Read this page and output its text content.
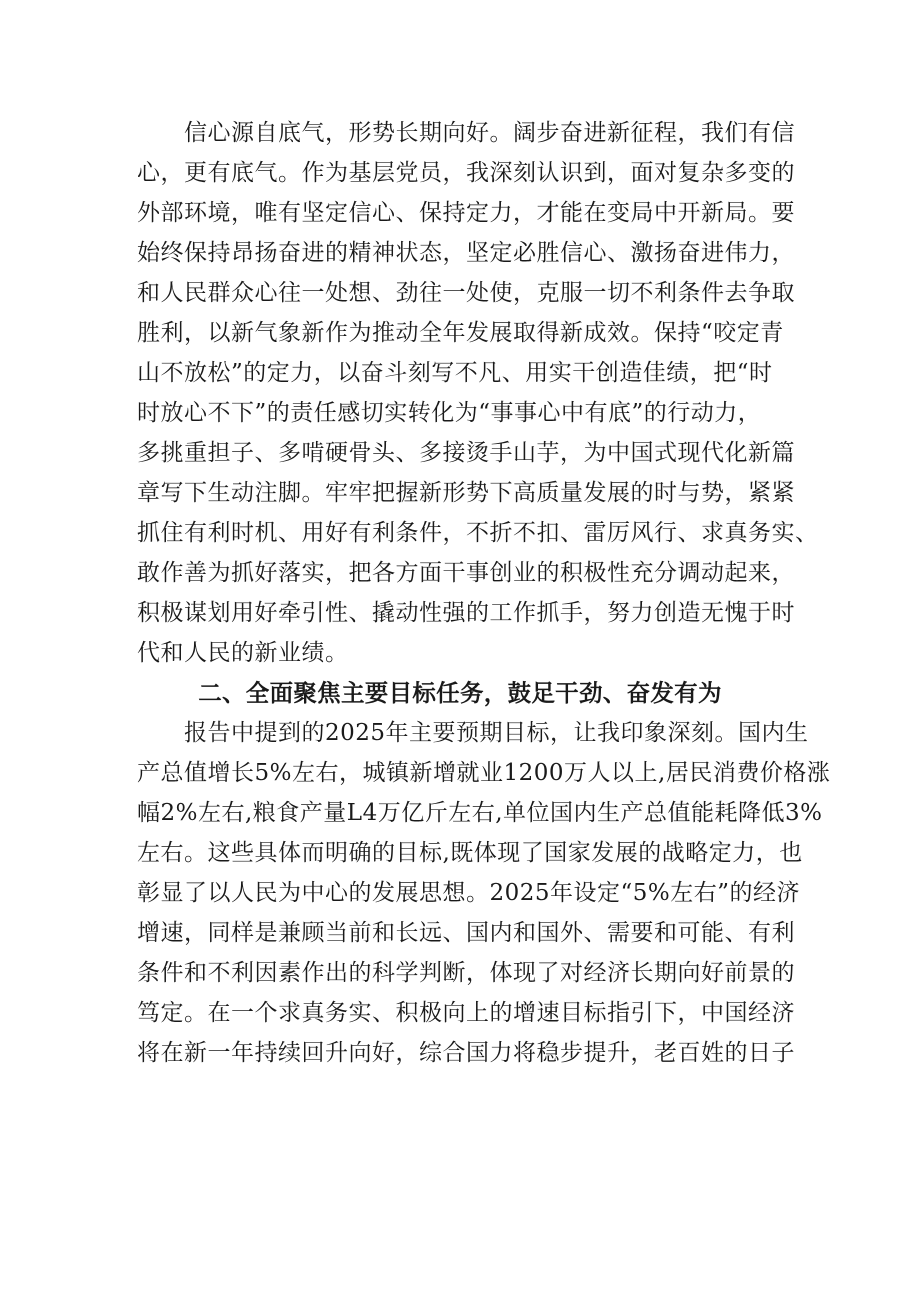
　　信心源自底气，形势长期向好。阔步奋进新征程，我们有信
心，更有底气。作为基层党员，我深刻认识到，面对复杂多变的
外部环境，唯有坚定信心、保持定力，才能在变局中开新局。要
始终保持昂扬奋进的精神状态，坚定必胜信心、激扬奋进伟力，
和人民群众心往一处想、劲往一处使，克服一切不利条件去争取
胜利，以新气象新作为推动全年发展取得新成效。保持“咬定青
山不放松”的定力，以奋斗刻写不凡、用实干创造佳绩，把“时
时放心不下”的责任感切实转化为“事事心中有底”的行动力，
多挑重担子、多啃硬骨头、多接烫手山芋，为中国式现代化新篇
章写下生动注脚。牢牢把握新形势下高质量发展的时与势，紧紧
抓住有利时机、用好有利条件，不折不扣、雷厉风行、求真务实、
敢作善为抓好落实，把各方面干事创业的积极性充分调动起来，
积极谋划用好牵引性、撬动性强的工作抓手，努力创造无愧于时
代和人民的新业绩。
二、全面聚焦主要目标任务，鼓足干劲、奋发有为
　　报告中提到的2025年主要预期目标，让我印象深刻。国内生
产总值增长5%左右，城镇新增就业1200万人以上,居民消费价格涨
幅2%左右,粮食产量L4万亿斤左右,单位国内生产总值能耗降低3%
左右。这些具体而明确的目标,既体现了国家发展的战略定力，也
彰显了以人民为中心的发展思想。2025年设定“5%左右”的经济
增速，同样是兼顾当前和长远、国内和国外、需要和可能、有利
条件和不利因素作出的科学判断，体现了对经济长期向好前景的
笃定。在一个求真务实、积极向上的增速目标指引下，中国经济
将在新一年持续回升向好，综合国力将稳步提升，老百姓的日子
